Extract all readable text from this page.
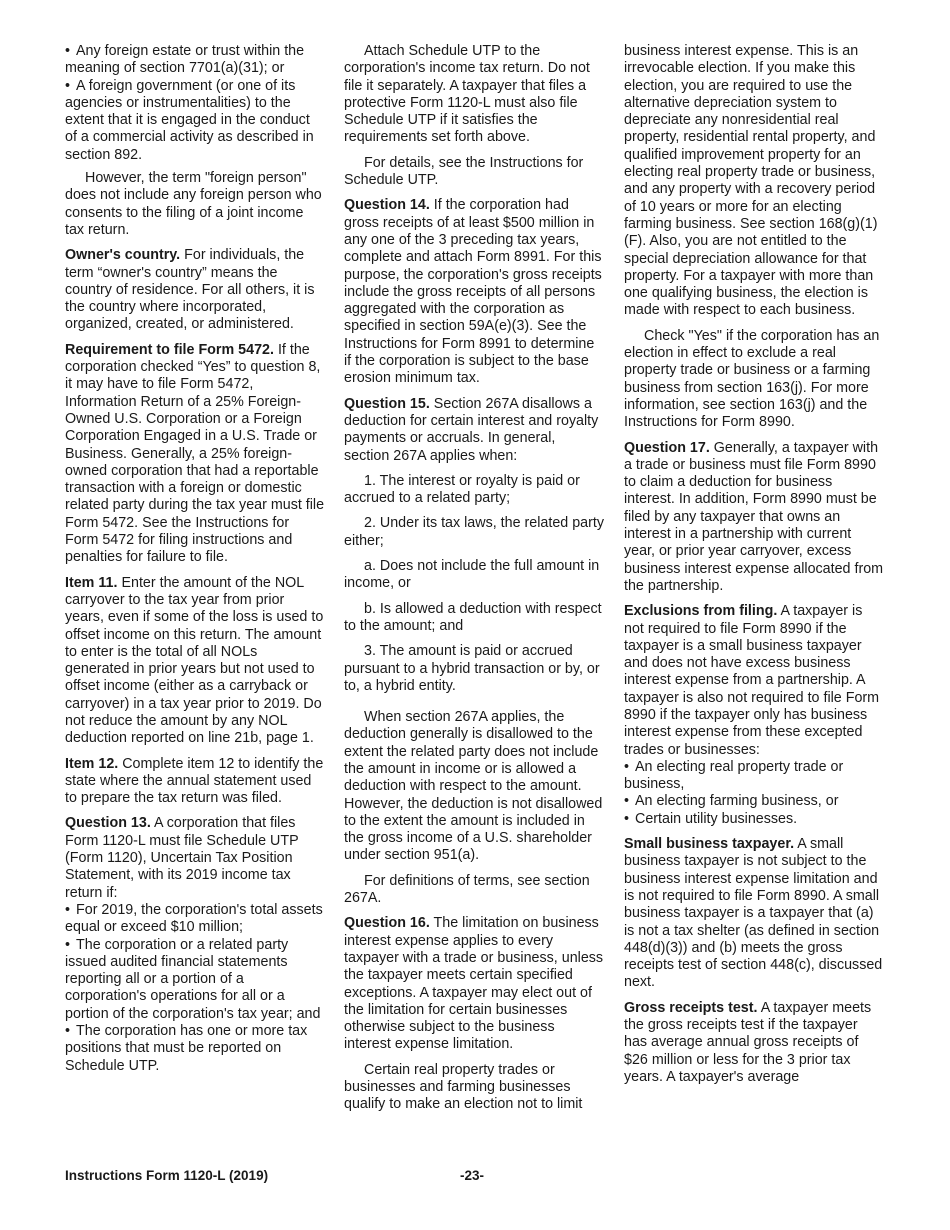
• Any foreign estate or trust within the meaning of section 7701(a)(31); or
• A foreign government (or one of its agencies or instrumentalities) to the extent that it is engaged in the conduct of a commercial activity as described in section 892.

However, the term "foreign person" does not include any foreign person who consents to the filing of a joint income tax return.

Owner's country. For individuals, the term “owner's country” means the country of residence. For all others, it is the country where incorporated, organized, created, or administered.

Requirement to file Form 5472. If the corporation checked “Yes” to question 8, it may have to file Form 5472, Information Return of a 25% Foreign-Owned U.S. Corporation or a Foreign Corporation Engaged in a U.S. Trade or Business. Generally, a 25% foreign-owned corporation that had a reportable transaction with a foreign or domestic related party during the tax year must file Form 5472. See the Instructions for Form 5472 for filing instructions and penalties for failure to file.

Item 11. Enter the amount of the NOL carryover to the tax year from prior years, even if some of the loss is used to offset income on this return. The amount to enter is the total of all NOLs generated in prior years but not used to offset income (either as a carryback or carryover) in a tax year prior to 2019. Do not reduce the amount by any NOL deduction reported on line 21b, page 1.

Item 12. Complete item 12 to identify the state where the annual statement used to prepare the tax return was filed.

Question 13. A corporation that files Form 1120-L must file Schedule UTP (Form 1120), Uncertain Tax Position Statement, with its 2019 income tax return if:

• For 2019, the corporation's total assets equal or exceed $10 million;
• The corporation or a related party issued audited financial statements reporting all or a portion of a corporation's operations for all or a portion of the corporation's tax year; and
• The corporation has one or more tax positions that must be reported on Schedule UTP.

Attach Schedule UTP to the corporation's income tax return. Do not file it separately. A taxpayer that files a protective Form 1120-L must also file Schedule UTP if it satisfies the requirements set forth above.

For details, see the Instructions for Schedule UTP.

Question 14. If the corporation had gross receipts of at least $500 million in any one of the 3 preceding tax years, complete and attach Form 8991. For this purpose, the corporation's gross receipts include the gross receipts of all persons aggregated with the corporation as specified in section 59A(e)(3). See the Instructions for Form 8991 to determine if the corporation is subject to the base erosion minimum tax.

Question 15. Section 267A disallows a deduction for certain interest and royalty payments or accruals. In general, section 267A applies when:

1. The interest or royalty is paid or accrued to a related party;

2. Under its tax laws, the related party either;

a. Does not include the full amount in income, or

b. Is allowed a deduction with respect to the amount; and

3. The amount is paid or accrued pursuant to a hybrid transaction or by, or to, a hybrid entity.

When section 267A applies, the deduction generally is disallowed to the extent the related party does not include the amount in income or is allowed a deduction with respect to the amount. However, the deduction is not disallowed to the extent the amount is included in the gross income of a U.S. shareholder under section 951(a).

For definitions of terms, see section 267A.

Question 16. The limitation on business interest expense applies to every taxpayer with a trade or business, unless the taxpayer meets certain specified exceptions. A taxpayer may elect out of the limitation for certain businesses otherwise subject to the business interest expense limitation.

Certain real property trades or businesses and farming businesses qualify to make an election not to limit

business interest expense. This is an irrevocable election. If you make this election, you are required to use the alternative depreciation system to depreciate any nonresidential real property, residential rental property, and qualified improvement property for an electing real property trade or business, and any property with a recovery period of 10 years or more for an electing farming business. See section 168(g)(1)(F). Also, you are not entitled to the special depreciation allowance for that property. For a taxpayer with more than one qualifying business, the election is made with respect to each business.

Check "Yes" if the corporation has an election in effect to exclude a real property trade or business or a farming business from section 163(j). For more information, see section 163(j) and the Instructions for Form 8990.

Question 17. Generally, a taxpayer with a trade or business must file Form 8990 to claim a deduction for business interest. In addition, Form 8990 must be filed by any taxpayer that owns an interest in a partnership with current year, or prior year carryover, excess business interest expense allocated from the partnership.

Exclusions from filing. A taxpayer is not required to file Form 8990 if the taxpayer is a small business taxpayer and does not have excess business interest expense from a partnership. A taxpayer is also not required to file Form 8990 if the taxpayer only has business interest expense from these excepted trades or businesses:

• An electing real property trade or business,
• An electing farming business, or
• Certain utility businesses.

Small business taxpayer. A small business taxpayer is not subject to the business interest expense limitation and is not required to file Form 8990. A small business taxpayer is a taxpayer that (a) is not a tax shelter (as defined in section 448(d)(3)) and (b) meets the gross receipts test of section 448(c), discussed next.

Gross receipts test. A taxpayer meets the gross receipts test if the taxpayer has average annual gross receipts of $26 million or less for the 3 prior tax years. A taxpayer's average

Instructions Form 1120-L (2019)	-23-
